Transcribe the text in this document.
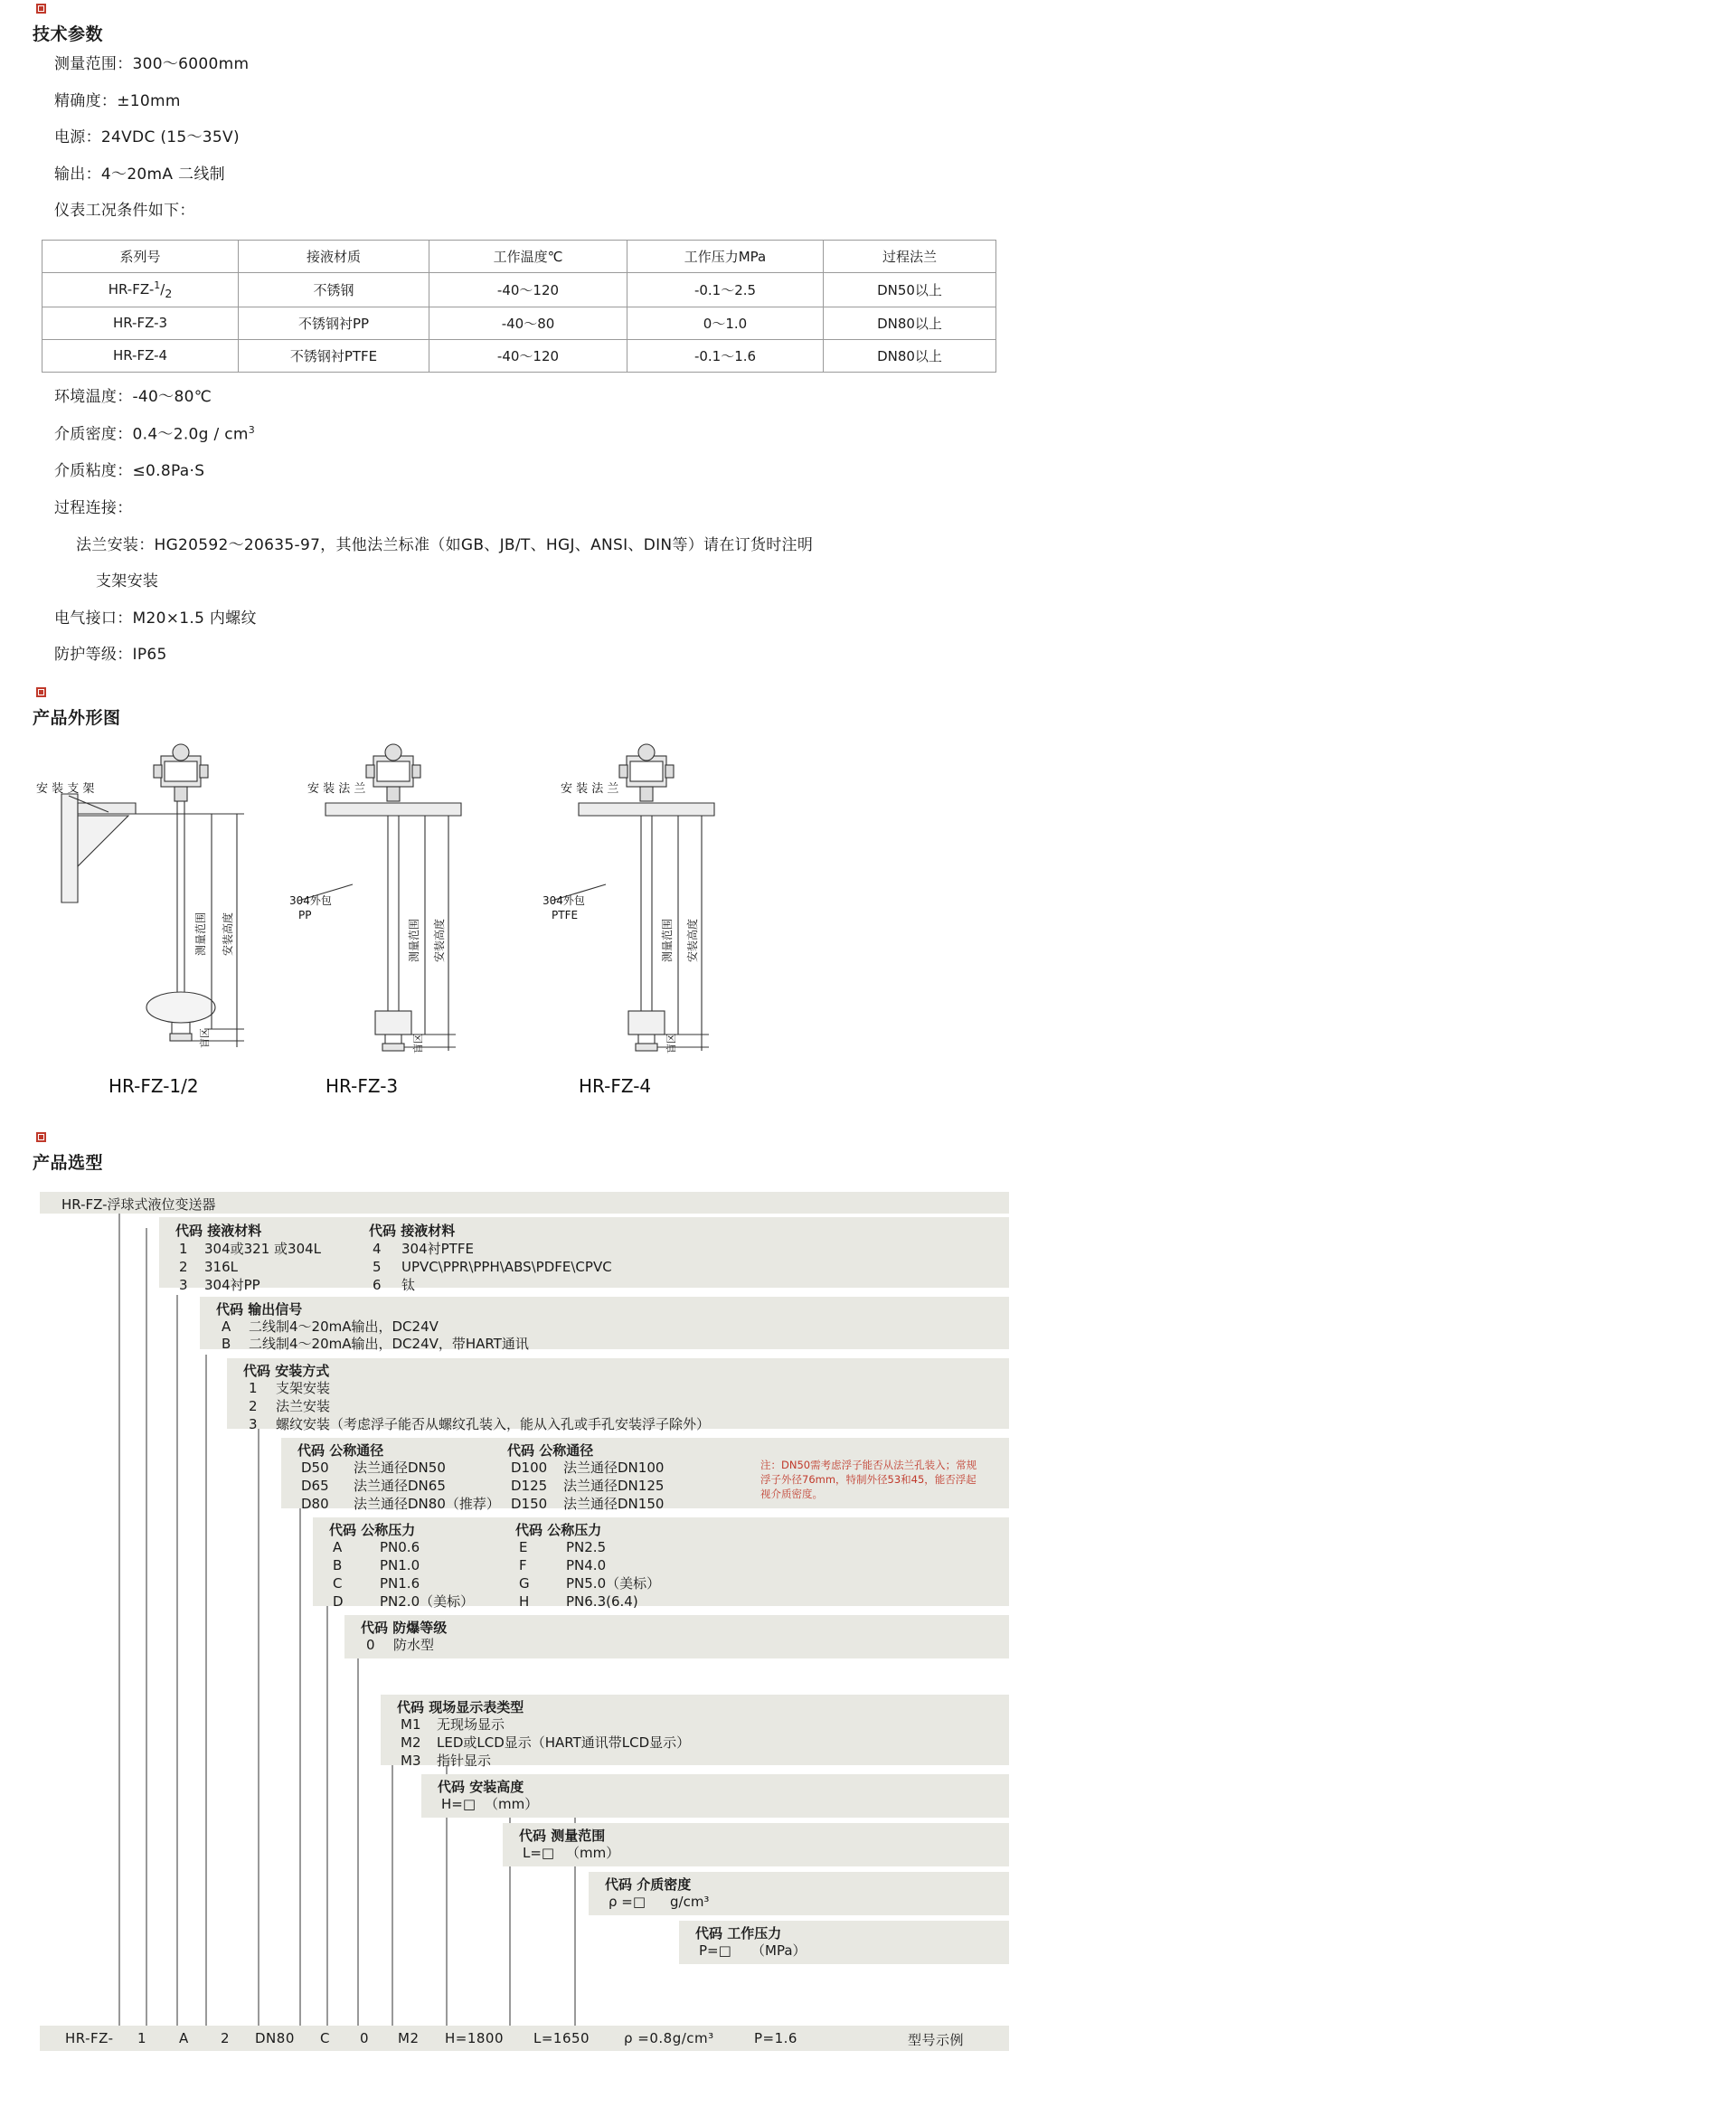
技术参数
测量范围：300～6000mm
精确度：±10mm
电源：24VDC (15～35V)
输出：4～20mA 二线制
仪表工况条件如下：
系列号	接液材质	工作温度℃	工作压力MPa	过程法兰
$HR-FZ-^1/_2$	不锈钢	-40～120	-0.1～2.5	DN50以上
HR-FZ-3	不锈钢衬PP	-40～80	0～1.0	DN80以上
HR-FZ-4	不锈钢衬PTFE	-40～120	-0.1～1.6	DN80以上
环境温度：-40～80℃
介质密度：0.4～2.0g / $cm^3$
介质粘度：≤0.8Pa·S
过程连接：
法兰安装：HG20592～20635-97，其他法兰标准（如GB、JB/T、HGJ、ANSI、DIN等）请在订货时注明
支架安装
电气接口：M20×1.5 内螺纹
防护等级：IP65
产品外形图
安 装 支 架
测量范围 安装高度
盲区
HR-FZ-1/2
安 装 法 兰
304外包
PP
测量范围 安装高度
盲区
HR-FZ-3
安 装 法 兰
304外包
PTFE
测量范围 安装高度
盲区
HR-FZ-4
产品选型
HR-FZ-浮球式液位变送器
代码 接液材料	代码 接液材料
1 304或321 或304L
2 316L
3 304衬PP
4 304衬PTFE
5 UPVC\PPR\PPH\ABS\PDFE\CPVC
6 钛
代码 输出信号
A 二线制4～20mA输出，DC24V
B 二线制4～20mA输出，DC24V，带HART通讯
代码 安装方式
1 支架安装
2 法兰安装
3 螺纹安装（考虑浮子能否从螺纹孔装入，能从入孔或手孔安装浮子除外）
代码 公称通径	代码 公称通径
D50 法兰通径DN50
D65 法兰通径DN65
D80 法兰通径DN80（推荐）
D100 法兰通径DN100
D125 法兰通径DN125
D150 法兰通径DN150
注：DN50需考虑浮子能否从法兰孔装入；常规浮子外径76mm，特制外径53和45，能否浮起视介质密度。
代码 公称压力	代码 公称压力
A	PN0.6
B	PN1.0
C	PN1.6
D	PN2.0（美标）
E	PN2.5
F	PN4.0
G	PN5.0（美标）
H	PN6.3(6.4)
代码 防爆等级
0 防水型
代码 现场显示表类型
M1 无现场显示
M2 LED或LCD显示（HART通讯带LCD显示）
M3 指针显示
代码 安装高度
H=□ （mm）
代码 测量范围
L=□ （mm）
代码 介质密度
ρ =□ g/cm³
代码 工作压力
P=□ （MPa）
HR-FZ- 1 A 2 DN80 C 0 M2 H=1800 L=1650	ρ =0.8g/cm³	P=1.6	型号示例
